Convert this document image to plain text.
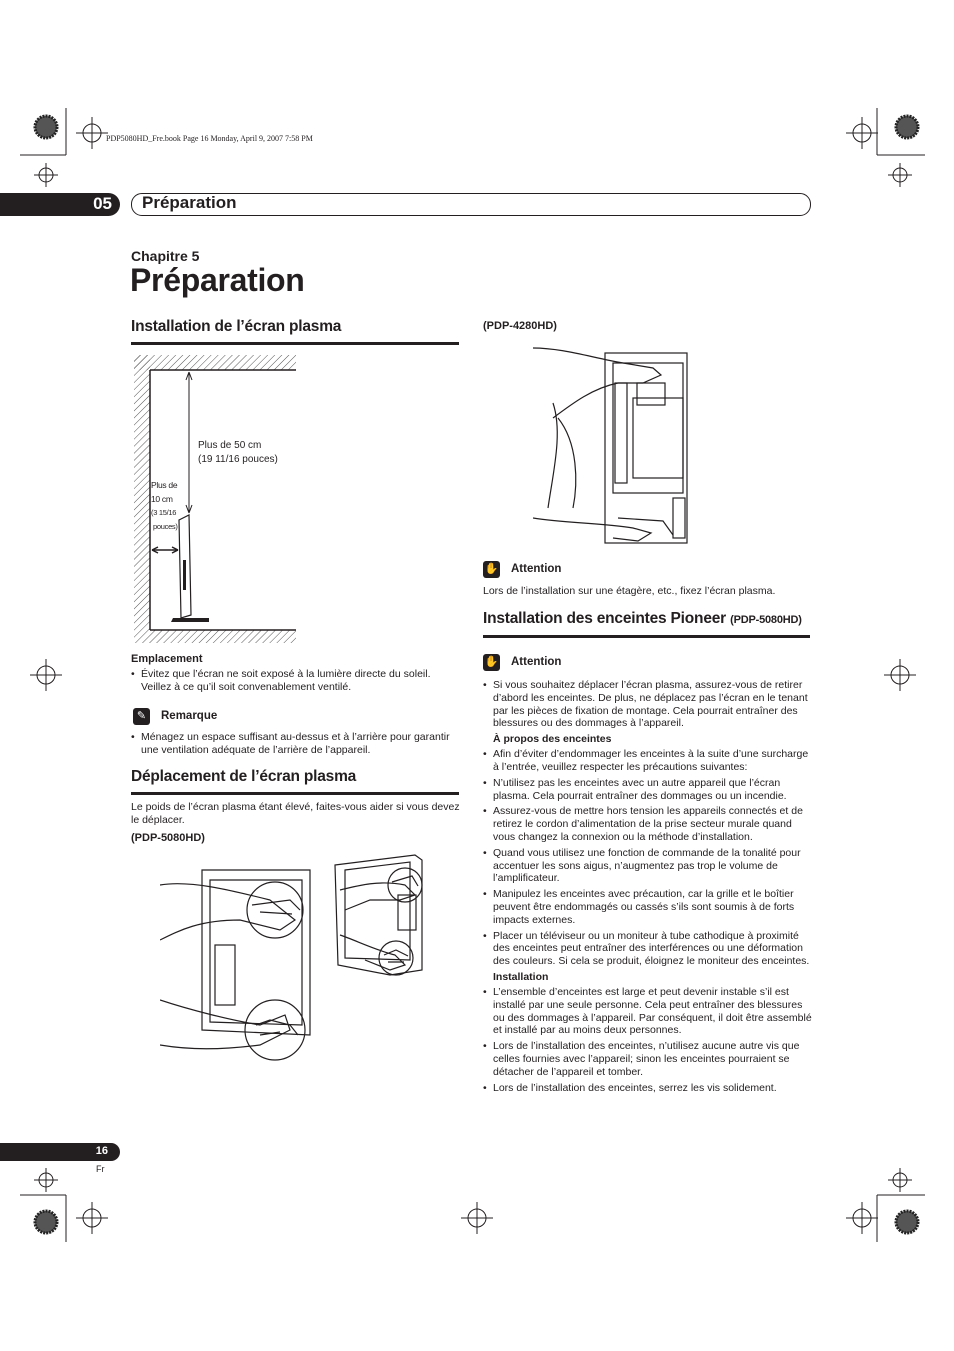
PDP5080HD_Fre.book Page 16 Monday, April 9, 2007 7:58 PM
05 Préparation
Chapitre 5
Préparation
Installation de l’écran plasma
Plus de 50 cm
(19 11/16 pouces)
Plus de
10 cm
(3 15/16
pouces)
Emplacement
• Évitez que l’écran ne soit exposé à la lumière directe du soleil. Veillez à ce qu’il soit convenablement ventilé.
✎	Remarque
• Ménagez un espace suffisant au-dessus et à l’arrière pour garantir une ventilation adéquate de l’arrière de l’appareil.
Déplacement de l’écran plasma
Le poids de l’écran plasma étant élevé, faites-vous aider si vous devez le déplacer.
(PDP-5080HD)
(PDP-4280HD)
✋ Attention
Lors de l’installation sur une étagère, etc., fixez l’écran plasma.
Installation des enceintes Pioneer (PDP-5080HD)
✋ Attention
• Si vous souhaitez déplacer l’écran plasma, assurez-vous de retirer d’abord les enceintes. De plus, ne déplacez pas l’écran en le tenant par les pièces de fixation de montage. Cela pourrait entraîner des blessures ou des dommages à l’appareil.
À propos des enceintes
• Afin d’éviter d’endommager les enceintes à la suite d’une surcharge à l’entrée, veuillez respecter les précautions suivantes:
• N’utilisez pas les enceintes avec un autre appareil que l’écran plasma. Cela pourrait entraîner des dommages ou un incendie.
• Assurez-vous de mettre hors tension les appareils connectés et de retirez le cordon d’alimentation de la prise secteur murale quand vous changez la connexion ou la méthode d’installation.
• Quand vous utilisez une fonction de commande de la tonalité pour accentuer les sons aigus, n’augmentez pas trop le volume de l’amplificateur.
• Manipulez les enceintes avec précaution, car la grille et le boîtier peuvent être endommagés ou cassés s’ils sont soumis à de forts impacts externes.
• Placer un téléviseur ou un moniteur à tube cathodique à proximité des enceintes peut entraîner des interférences ou une déformation des couleurs. Si cela se produit, éloignez le moniteur des enceintes.
Installation
• L’ensemble d’enceintes est large et peut devenir instable s’il est installé par une seule personne. Cela peut entraîner des blessures ou des dommages à l’appareil. Par conséquent, il doit être assemblé et installé par au moins deux personnes.
• Lors de l’installation des enceintes, n’utilisez aucune autre vis que celles fournies avec l’appareil; sinon les enceintes pourraient se détacher de l’appareil et tomber.
• Lors de l’installation des enceintes, serrez les vis solidement.
16
Fr
